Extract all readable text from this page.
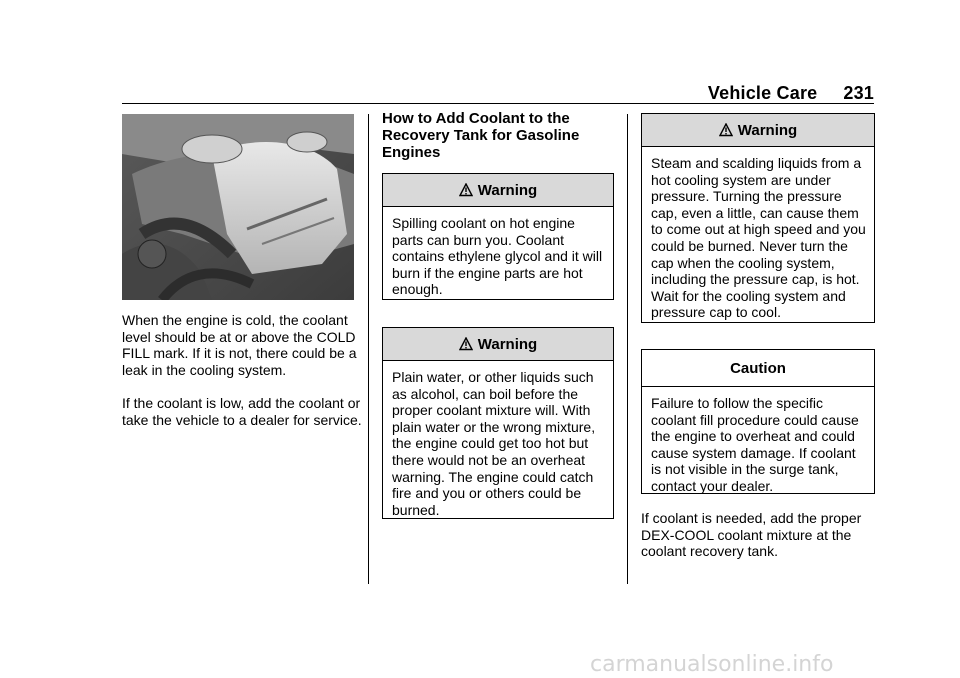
Vehicle Care 231

When the engine is cold, the coolant level should be at or above the COLD FILL mark. If it is not, there could be a leak in the cooling system.

If the coolant is low, add the coolant or take the vehicle to a dealer for service.

How to Add Coolant to the Recovery Tank for Gasoline Engines
Warning
Spilling coolant on hot engine parts can burn you. Coolant contains ethylene glycol and it will burn if the engine parts are hot enough.
Warning
Plain water, or other liquids such as alcohol, can boil before the proper coolant mixture will. With plain water or the wrong mixture, the engine could get too hot but there would not be an overheat warning. The engine could catch fire and you or others could be burned.
Warning
Steam and scalding liquids from a hot cooling system are under pressure. Turning the pressure cap, even a little, can cause them to come out at high speed and you could be burned. Never turn the cap when the cooling system, including the pressure cap, is hot. Wait for the cooling system and pressure cap to cool.
Caution
Failure to follow the specific coolant fill procedure could cause the engine to overheat and could cause system damage. If coolant is not visible in the surge tank, contact your dealer.

If coolant is needed, add the proper DEX-COOL coolant mixture at the coolant recovery tank.

carmanualsonline.info
